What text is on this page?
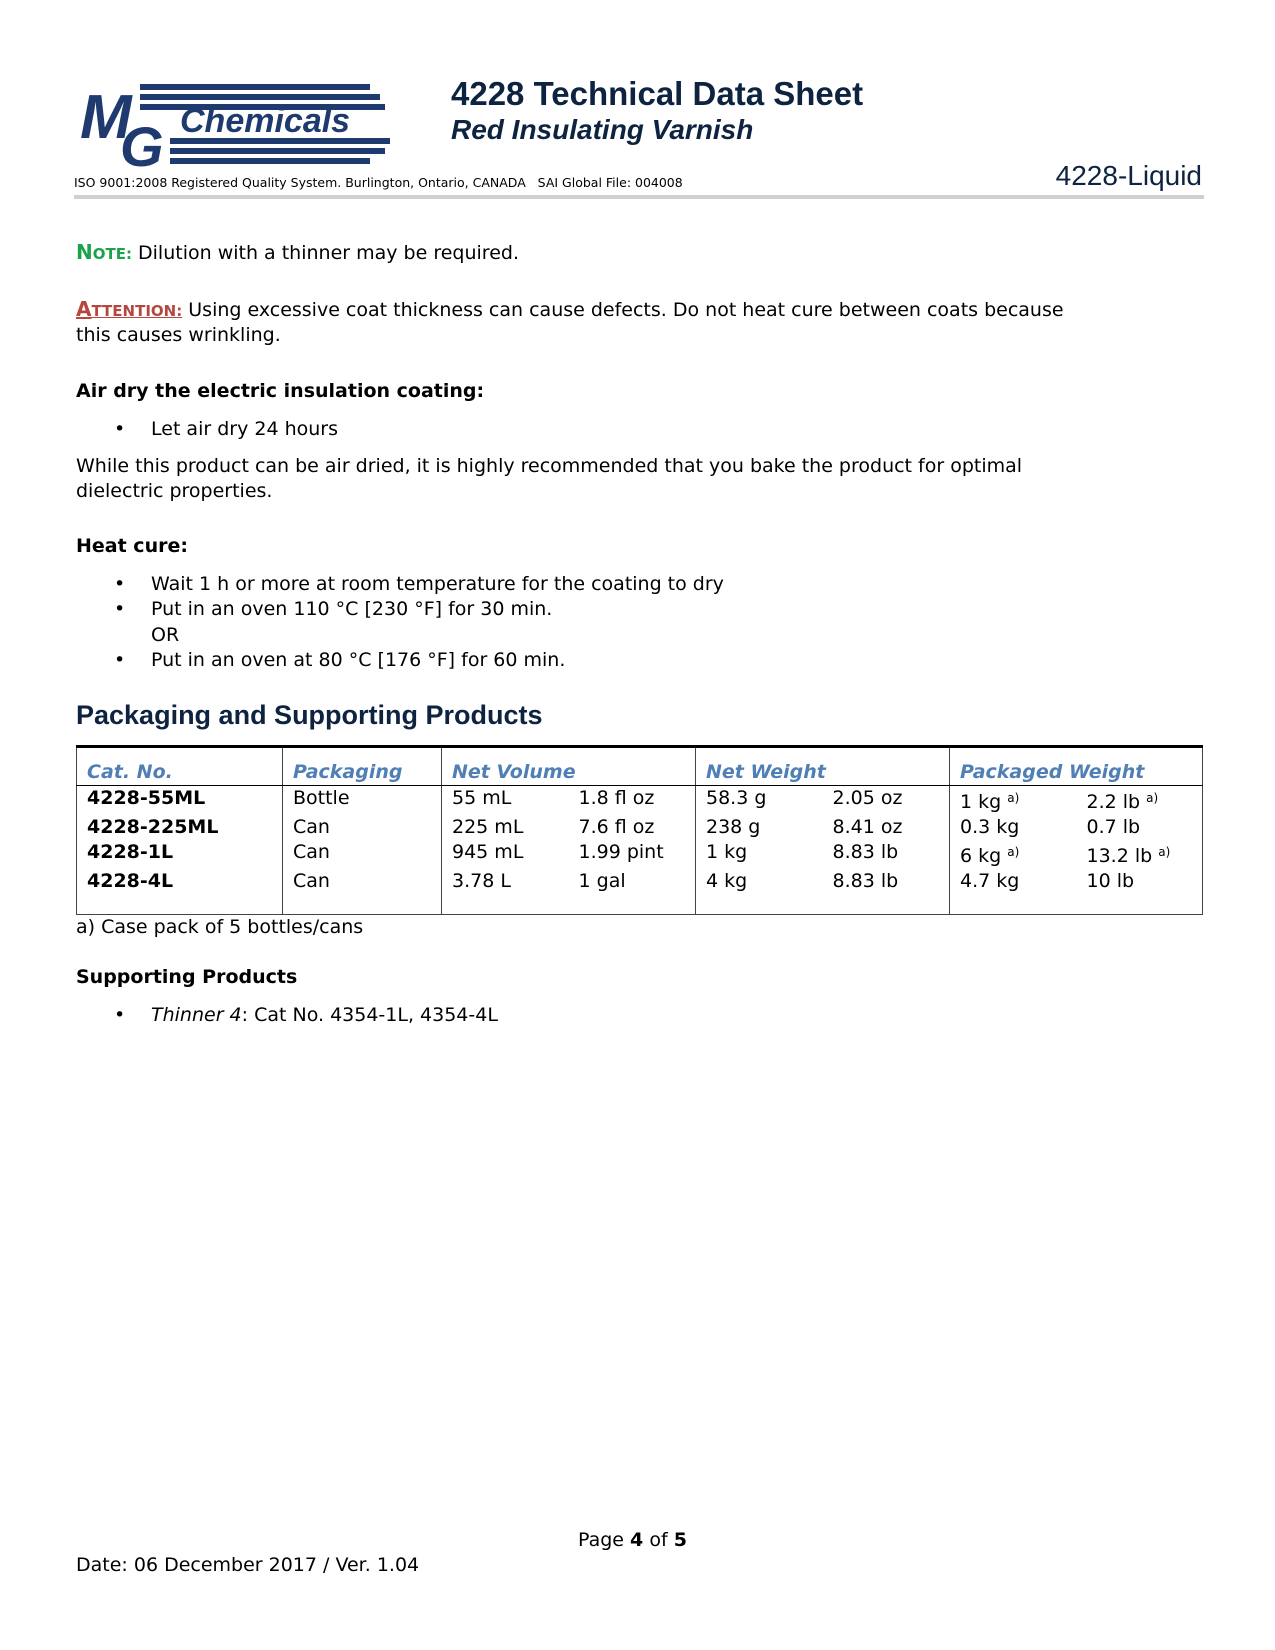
M
G Chemicals
4228 Technical Data Sheet
Red Insulating Varnish
ISO 9001:2008 Registered Quality System. Burlington, Ontario, CANADA   SAI Global File: 004008	4228-Liquid
NOTE: Dilution with a thinner may be required.
ATTENTION: Using excessive coat thickness can cause defects. Do not heat cure between coats because
this causes wrinkling.
Air dry the electric insulation coating:
• Let air dry 24 hours
While this product can be air dried, it is highly recommended that you bake the product for optimal
dielectric properties.
Heat cure:
• Wait 1 h or more at room temperature for the coating to dry
• Put in an oven 110 °C [230 °F] for 30 min.
OR
• Put in an oven at 80 °C [176 °F] for 60 min.
Packaging and Supporting Products
Cat. No.	Packaging	Net Volume		Net Weight		Packaged Weight	
4228-55ML	Bottle	55 mL	1.8 fl oz	58.3 g	2.05 oz	1 kg $^{a)}$	2.2 lb $^{a)}$
4228-225ML	Can	225 mL	7.6 fl oz	238 g	8.41 oz	0.3 kg	0.7 lb
4228-1L	Can	945 mL	1.99 pint	1 kg	8.83 lb	6 kg $^{a)}$	13.2 lb $^{a)}$
4228-4L	Can	3.78 L	1 gal	4 kg	8.83 lb	4.7 kg	10 lb
a) Case pack of 5 bottles/cans
Supporting Products
• Thinner 4: Cat No. 4354-1L, 4354-4L
Page 4 of 5
Date: 06 December 2017 / Ver. 1.04
